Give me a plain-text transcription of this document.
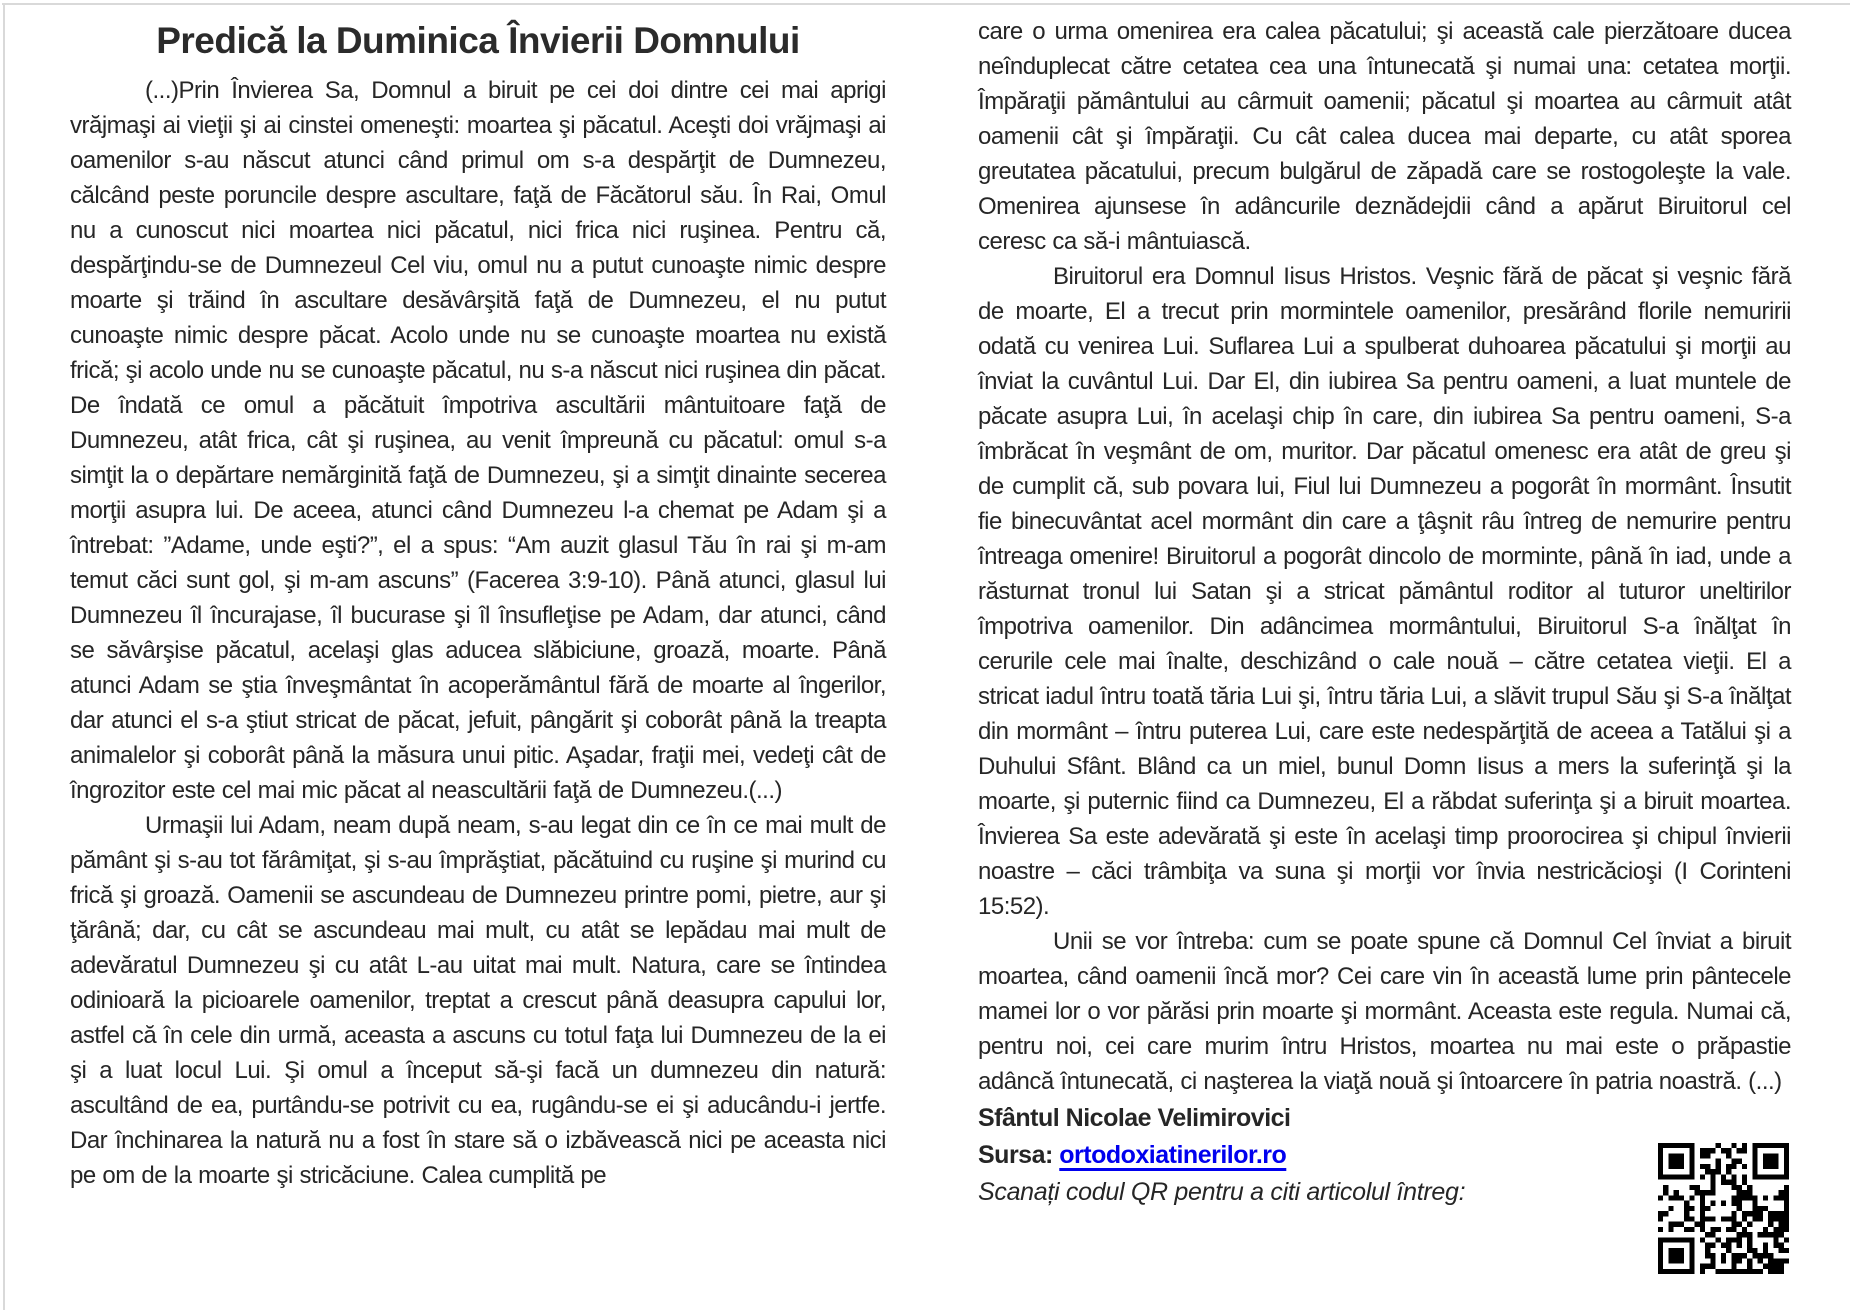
Predică la Duminica Învierii Domnului

(...)Prin Învierea Sa, Domnul a biruit pe cei doi dintre cei mai aprigi vrăjmaşi ai vieţii şi ai cinstei omeneşti: moartea şi păcatul. Aceşti doi vrăjmaşi ai oamenilor s-au născut atunci când primul om s-a despărţit de Dumnezeu, călcând peste poruncile despre ascultare, faţă de Făcătorul său. În Rai, Omul nu a cunoscut nici moartea nici păcatul, nici frica nici ruşinea. Pentru că, despărţindu-se de Dumnezeul Cel viu, omul nu a putut cunoaşte nimic despre moarte şi trăind în ascultare desăvârşită faţă de Dumnezeu, el nu putut cunoaşte nimic despre păcat. Acolo unde nu se cunoaşte moartea nu există frică; şi acolo unde nu se cunoaşte păcatul, nu s-a născut nici ruşinea din păcat. De îndată ce omul a păcătuit împotriva ascultării mântuitoare faţă de Dumnezeu, atât frica, cât şi ruşinea, au venit împreună cu păcatul: omul s-a simţit la o depărtare nemărginită faţă de Dumnezeu, şi a simţit dinainte secerea morţii asupra lui. De aceea, atunci când Dumnezeu l-a chemat pe Adam şi a întrebat: ”Adame, unde eşti?”, el a spus: “Am auzit glasul Tău în rai şi m-am temut căci sunt gol, şi m-am ascuns” (Facerea 3:9-10). Până atunci, glasul lui Dumnezeu îl încurajase, îl bucurase şi îl însufleţise pe Adam, dar atunci, când se săvârşise păcatul, acelaşi glas aducea slăbiciune, groază, moarte. Până atunci Adam se ştia înveşmântat în acoperământul fără de moarte al îngerilor, dar atunci el s-a ştiut stricat de păcat, jefuit, pângărit şi coborât până la treapta animalelor şi coborât până la măsura unui pitic. Aşadar, fraţii mei, vedeţi cât de îngrozitor este cel mai mic păcat al neascultării faţă de Dumnezeu.(...)

Urmaşii lui Adam, neam după neam, s-au legat din ce în ce mai mult de pământ şi s-au tot fărâmiţat, şi s-au împrăştiat, păcătuind cu ruşine şi murind cu frică şi groază. Oamenii se ascundeau de Dumnezeu printre pomi, pietre, aur şi ţărână; dar, cu cât se ascundeau mai mult, cu atât se lepădau mai mult de adevăratul Dumnezeu şi cu atât L-au uitat mai mult. Natura, care se întindea odinioară la picioarele oamenilor, treptat a crescut până deasupra capului lor, astfel că în cele din urmă, aceasta a ascuns cu totul faţa lui Dumnezeu de la ei şi a luat locul Lui. Şi omul a început să-şi facă un dumnezeu din natură: ascultând de ea, purtându-se potrivit cu ea, rugându-se ei şi aducându-i jertfe. Dar închinarea la natură nu a fost în stare să o izbăvească nici pe aceasta nici pe om de la moarte şi stricăciune. Calea cumplită pe

care o urma omenirea era calea păcatului; şi această cale pierzătoare ducea neînduplecat către cetatea cea una întunecată şi numai una: cetatea morţii. Împăraţii pământului au cârmuit oamenii; păcatul şi moartea au cârmuit atât oamenii cât şi împăraţii. Cu cât calea ducea mai departe, cu atât sporea greutatea păcatului, precum bulgărul de zăpadă care se rostogoleşte la vale. Omenirea ajunsese în adâncurile deznădejdii când a apărut Biruitorul cel ceresc ca să-i mântuiască.

Biruitorul era Domnul Iisus Hristos. Veşnic fără de păcat şi veşnic fără de moarte, El a trecut prin mormintele oamenilor, presărând florile nemuririi odată cu venirea Lui. Suflarea Lui a spulberat duhoarea păcatului şi morţii au înviat la cuvântul Lui. Dar El, din iubirea Sa pentru oameni, a luat muntele de păcate asupra Lui, în acelaşi chip în care, din iubirea Sa pentru oameni, S-a îmbrăcat în veşmânt de om, muritor. Dar păcatul omenesc era atât de greu şi de cumplit că, sub povara lui, Fiul lui Dumnezeu a pogorât în mormânt. Însutit fie binecuvântat acel mormânt din care a ţâşnit râu întreg de nemurire pentru întreaga omenire! Biruitorul a pogorât dincolo de morminte, până în iad, unde a răsturnat tronul lui Satan şi a stricat pământul roditor al tuturor uneltirilor împotriva oamenilor. Din adâncimea mormântului, Biruitorul S-a înălţat în cerurile cele mai înalte, deschizând o cale nouă – către cetatea vieţii. El a stricat iadul întru toată tăria Lui şi, întru tăria Lui, a slăvit trupul Său şi S-a înălţat din mormânt – întru puterea Lui, care este nedespărţită de aceea a Tatălui şi a Duhului Sfânt. Blând ca un miel, bunul Domn Iisus a mers la suferinţă şi la moarte, şi puternic fiind ca Dumnezeu, El a răbdat suferinţa şi a biruit moartea. Învierea Sa este adevărată şi este în acelaşi timp proorocirea şi chipul învierii noastre – căci trâmbiţa va suna şi morţii vor învia nestricăcioşi (I Corinteni 15:52).

Unii se vor întreba: cum se poate spune că Domnul Cel înviat a biruit moartea, când oamenii încă mor? Cei care vin în această lume prin pântecele mamei lor o vor părăsi prin moarte şi mormânt. Aceasta este regula. Numai că, pentru noi, cei care murim întru Hristos, moartea nu mai este o prăpastie adâncă întunecată, ci naşterea la viaţă nouă şi întoarcere în patria noastră. (...)

Sfântul Nicolae Velimirovici

Sursa: ortodoxiatinerilor.ro

Scanați codul QR pentru a citi articolul întreg:
